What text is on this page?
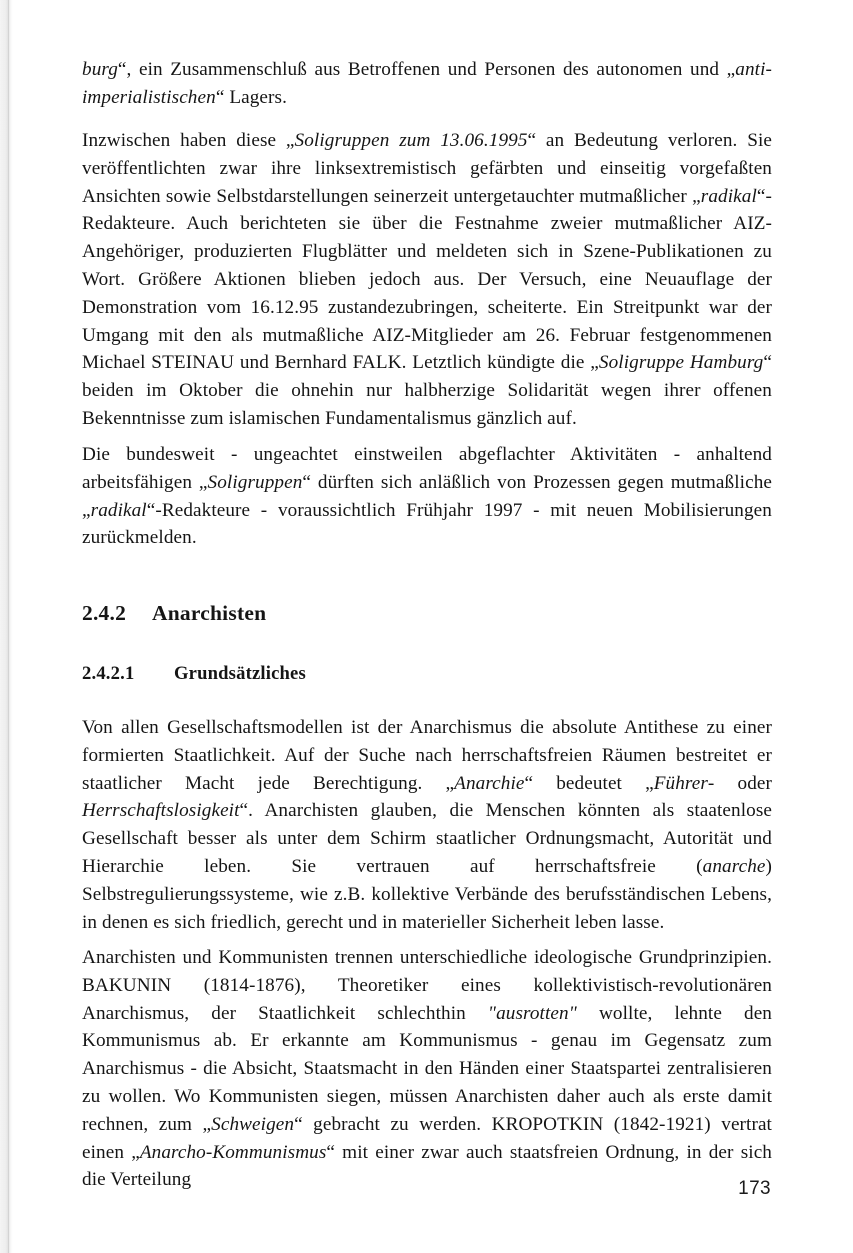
burg“, ein Zusammenschluß aus Betroffenen und Personen des autonomen und „anti-imperialistischen“ Lagers.

Inzwischen haben diese „Soligruppen zum 13.06.1995“ an Bedeutung verloren. Sie veröffentlichten zwar ihre linksextremistisch gefärbten und einseitig vorgefaßten Ansichten sowie Selbstdarstellungen seinerzeit untergetauchter mutmaßlicher „radikal“-Redakteure. Auch berichteten sie über die Festnahme zweier mutmaßlicher AIZ-Angehöriger, produzierten Flugblätter und meldeten sich in Szene-Publikationen zu Wort. Größere Aktionen blieben jedoch aus. Der Versuch, eine Neuauflage der Demonstration vom 16.12.95 zustandezubringen, scheiterte. Ein Streitpunkt war der Umgang mit den als mutmaßliche AIZ-Mitglieder am 26. Februar festgenommenen Michael STEINAU und Bernhard FALK. Letztlich kündigte die „Soligruppe Hamburg“ beiden im Oktober die ohnehin nur halbherzige Solidarität wegen ihrer offenen Bekenntnisse zum islamischen Fundamentalismus gänzlich auf.

Die bundesweit - ungeachtet einstweilen abgeflachter Aktivitäten - anhaltend arbeitsfähigen „Soligruppen“ dürften sich anläßlich von Prozessen gegen mutmaßliche „radikal“-Redakteure - voraussichtlich Frühjahr 1997 - mit neuen Mobilisierungen zurückmelden.

2.4.2 Anarchisten
2.4.2.1 Grundsätzliches

Von allen Gesellschaftsmodellen ist der Anarchismus die absolute Antithese zu einer formierten Staatlichkeit. Auf der Suche nach herrschaftsfreien Räumen bestreitet er staatlicher Macht jede Berechtigung. „Anarchie“ bedeutet „Führer- oder Herrschaftslosigkeit“. Anarchisten glauben, die Menschen könnten als staatenlose Gesellschaft besser als unter dem Schirm staatlicher Ordnungsmacht, Autorität und Hierarchie leben. Sie vertrauen auf herrschaftsfreie (anarche) Selbstregulierungssysteme, wie z.B. kollektive Verbände des berufsständischen Lebens, in denen es sich friedlich, gerecht und in materieller Sicherheit leben lasse.

Anarchisten und Kommunisten trennen unterschiedliche ideologische Grundprinzipien. BAKUNIN (1814-1876), Theoretiker eines kollektivistisch-revolutionären Anarchismus, der Staatlichkeit schlechthin "ausrotten" wollte, lehnte den Kommunismus ab. Er erkannte am Kommunismus - genau im Gegensatz zum Anarchismus - die Absicht, Staatsmacht in den Händen einer Staatspartei zentralisieren zu wollen. Wo Kommunisten siegen, müssen Anarchisten daher auch als erste damit rechnen, zum „Schweigen“ gebracht zu werden. KROPOTKIN (1842-1921) vertrat einen „Anarcho-Kommunismus“ mit einer zwar auch staatsfreien Ordnung, in der sich die Verteilung	173
